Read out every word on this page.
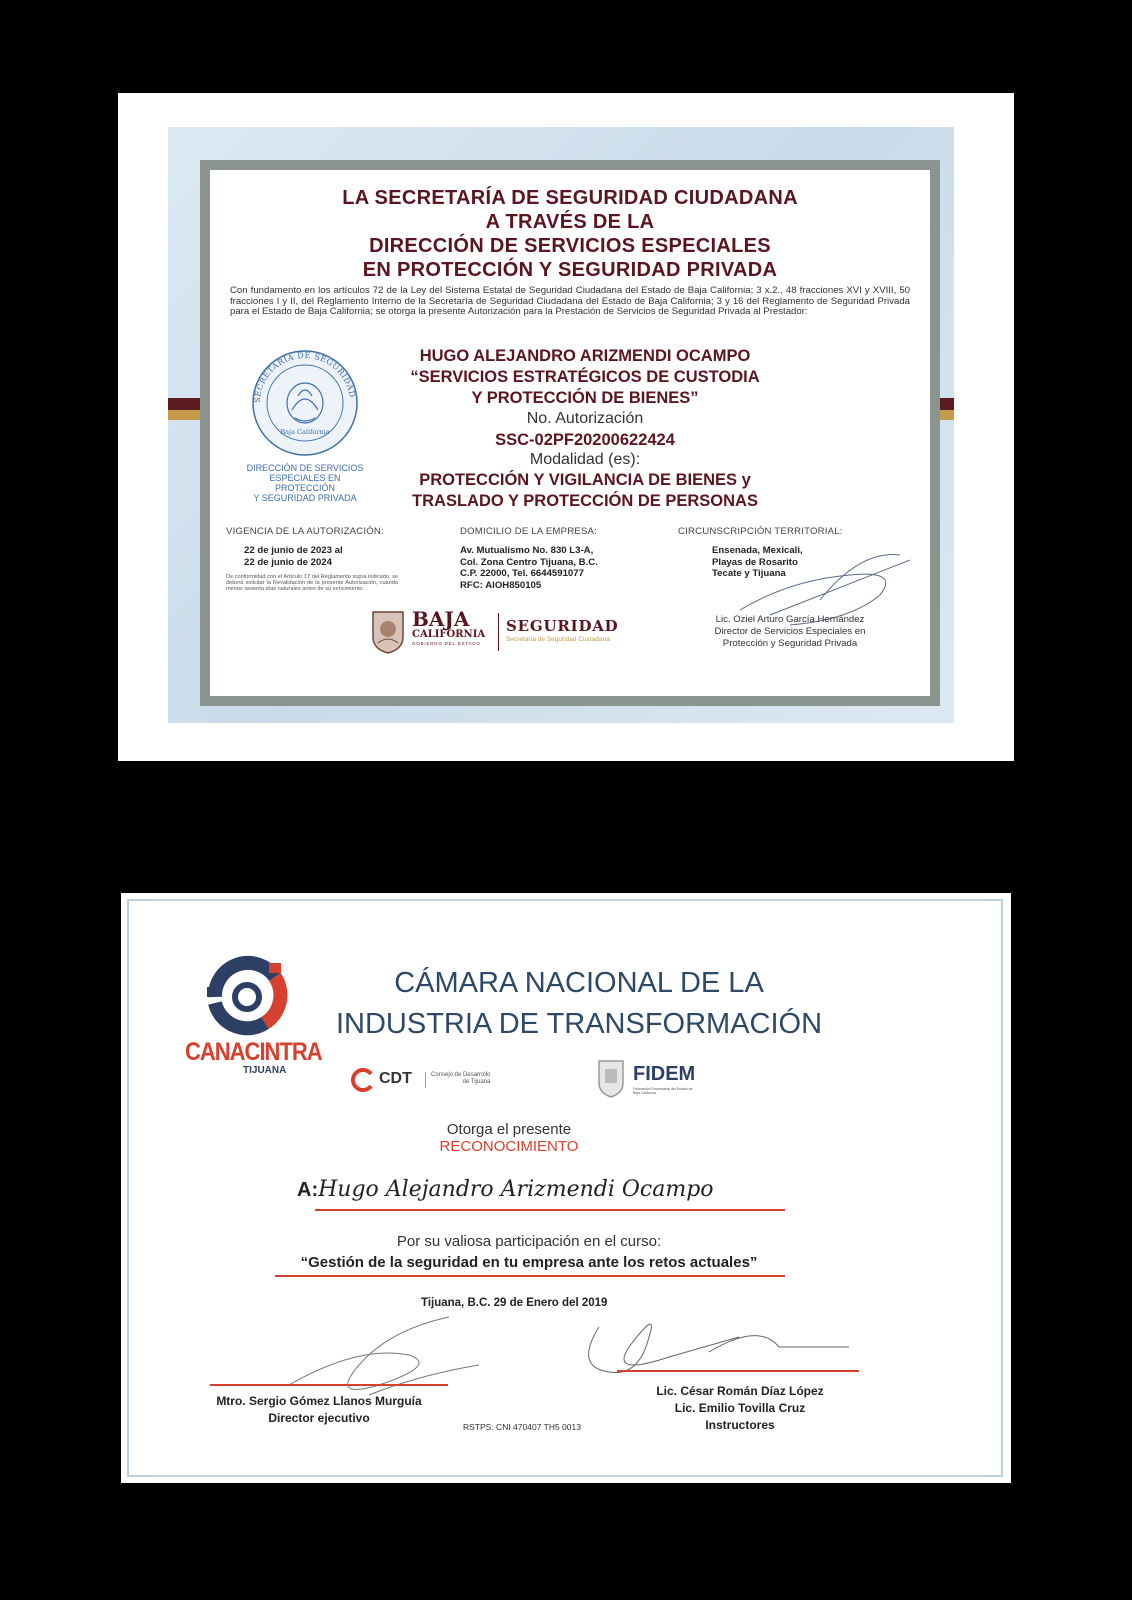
LA SECRETARÍA DE SEGURIDAD CIUDADANA
A TRAVÉS DE LA
DIRECCIÓN DE SERVICIOS ESPECIALES
EN PROTECCIÓN Y SEGURIDAD PRIVADA
Con fundamento en los artículos 72 de la Ley del Sistema Estatal de Seguridad Ciudadana del Estado de Baja California; 3 x.2., 48 fracciones XVI y XVIII, 50 fracciones I y II, del Reglamento Interno de la Secretaría de Seguridad Ciudadana del Estado de Baja California; 3 y 16 del Reglamento de Seguridad Privada para el Estado de Baja California; se otorga la presente Autorización para la Prestación de Servicios de Seguridad Privada al Prestador:
SECRETARÍA DE SEGURIDAD
Baja California
DIRECCIÓN DE SERVICIOS
ESPECIALES EN PROTECCIÓN
Y SEGURIDAD PRIVADA
HUGO ALEJANDRO ARIZMENDI OCAMPO
“SERVICIOS ESTRATÉGICOS DE CUSTODIA
Y PROTECCIÓN DE BIENES”
No. Autorización
SSC-02PF20200622424
Modalidad (es):
PROTECCIÓN Y VIGILANCIA DE BIENES y
TRASLADO Y PROTECCIÓN DE PERSONAS
VIGENCIA DE LA AUTORIZACIÓN:
22 de junio de 2023 al
22 de junio de 2024
De conformidad con el Artículo 17 del Reglamento supra indicado, se deberá solicitar la Revalidación de la presente Autorización, cuando menos sesenta días naturales antes de su vencimiento.
DOMICILIO DE LA EMPRESA:
Av. Mutualismo No. 830 L3-A,
Col. Zona Centro Tijuana, B.C.
C.P. 22000, Tel. 6644591077
RFC: AIOH850105
CIRCUNSCRIPCIÓN TERRITORIAL:
Ensenada, Mexicali,
Playas de Rosarito
Tecate y Tijuana
BAJA
CALIFORNIA
GOBIERNO DEL ESTADO
SEGURIDAD
Secretaría de Seguridad Ciudadana
Lic. Oziel Arturo García Hernández
Director de Servicios Especiales en
Protección y Seguridad Privada
CANACINTRA
TIJUANA
CÁMARA NACIONAL DE LA
INDUSTRIA DE TRANSFORMACIÓN
CDT	Consejo de Desarrollo
de Tijuana	FIDEM
Federación Empresarial del Estado de Baja California
Otorga el presente
RECONOCIMIENTO
A:Hugo Alejandro Arizmendi Ocampo
Por su valiosa participación en el curso:
“Gestión de la seguridad en tu empresa ante los retos actuales”
Tijuana, B.C. 29 de Enero del 2019
Mtro. Sergio Gómez Llanos Murguía
Director ejecutivo
RSTPS: CNI 470407 TH5 0013
Lic. César Román Díaz López
Lic. Emilio Tovilla Cruz
Instructores
